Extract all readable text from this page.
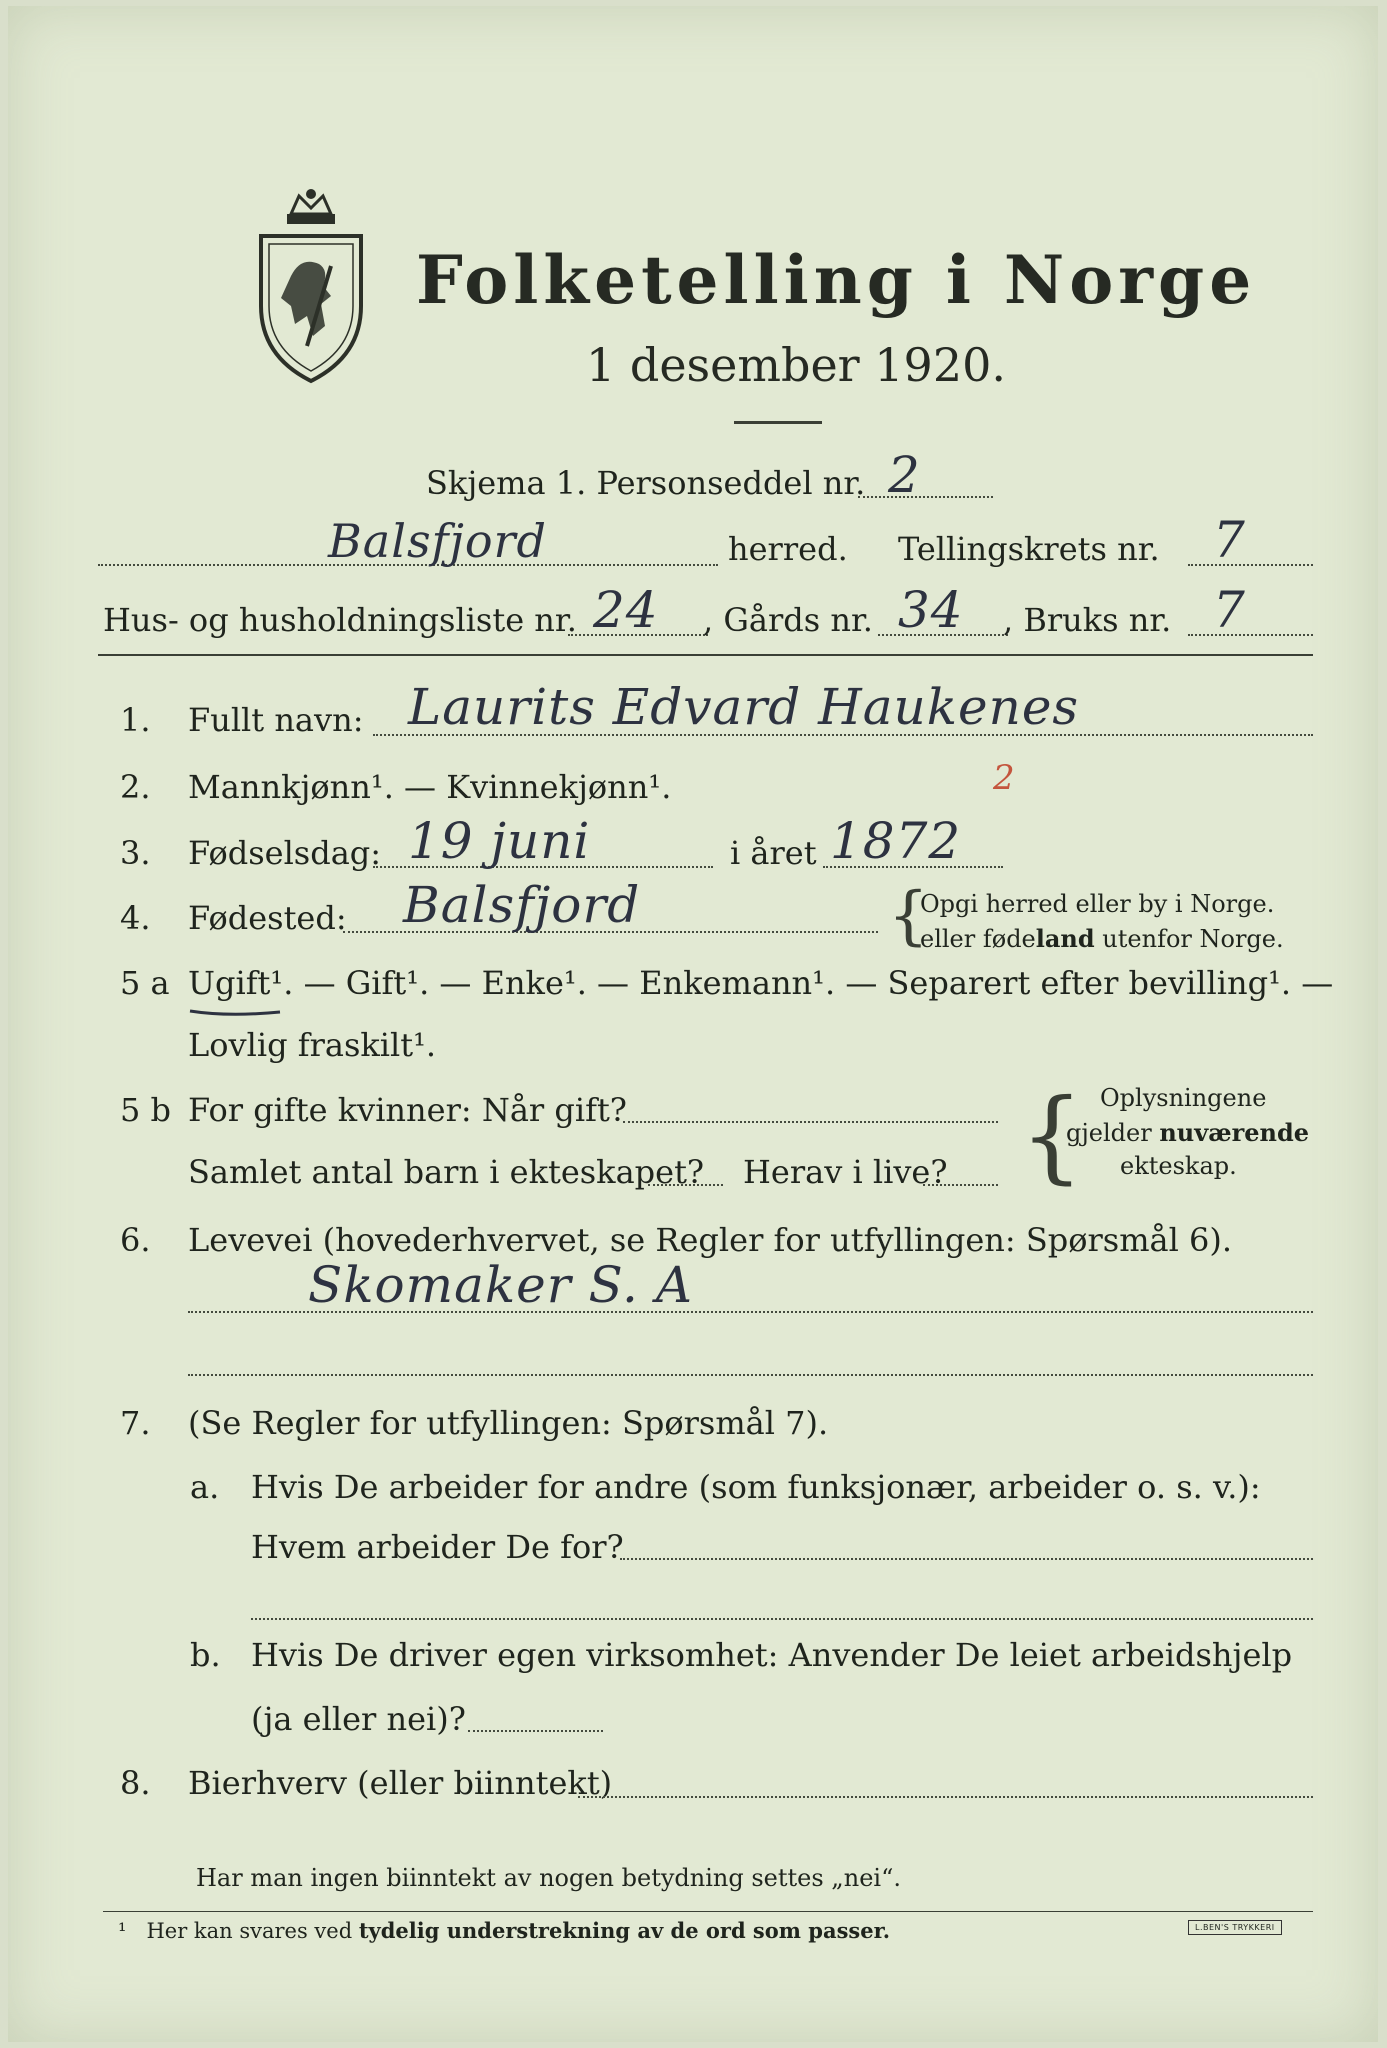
Folketelling i Norge
1 desember 1920.
Skjema 1. Personseddel nr. 2
Balsfjord	herred. Tellingskrets nr. 7
Hus- og husholdningsliste nr. 24 , Gårds nr. 34 , Bruks nr. 7
1. Fullt navn: Laurits Edvard Haukenes
2. Mannkjønn¹. — Kvinnekjønn¹.	2
3. Fødselsdag: 19 juni	i året 1872
4. Fødested: Balsfjord	{
Opgi herred eller by i Norge.
eller fødeland utenfor Norge.
5 a Ugift¹. — Gift¹. — Enke¹. — Enkemann¹. — Separert efter bevilling¹. —
Lovlig fraskilt¹.
5 b For gifte kvinner: Når gift?
Samlet antal barn i ekteskapet? Herav i live? { Oplysningene
gjelder nuværende
ekteskap.
6. Levevei (hovederhvervet, se Regler for utfyllingen: Spørsmål 6).
Skomaker S. A
7. (Se Regler for utfyllingen: Spørsmål 7).
a. Hvis De arbeider for andre (som funksjonær, arbeider o. s. v.):
Hvem arbeider De for?
b. Hvis De driver egen virksomhet: Anvender De leiet arbeidshjelp
(ja eller nei)?
8. Bierhverv (eller biinntekt)
Har man ingen biinntekt av nogen betydning settes „nei“.
¹ Her kan svares ved tydelig understrekning av de ord som passer.	L.BEN'S TRYKKERI
